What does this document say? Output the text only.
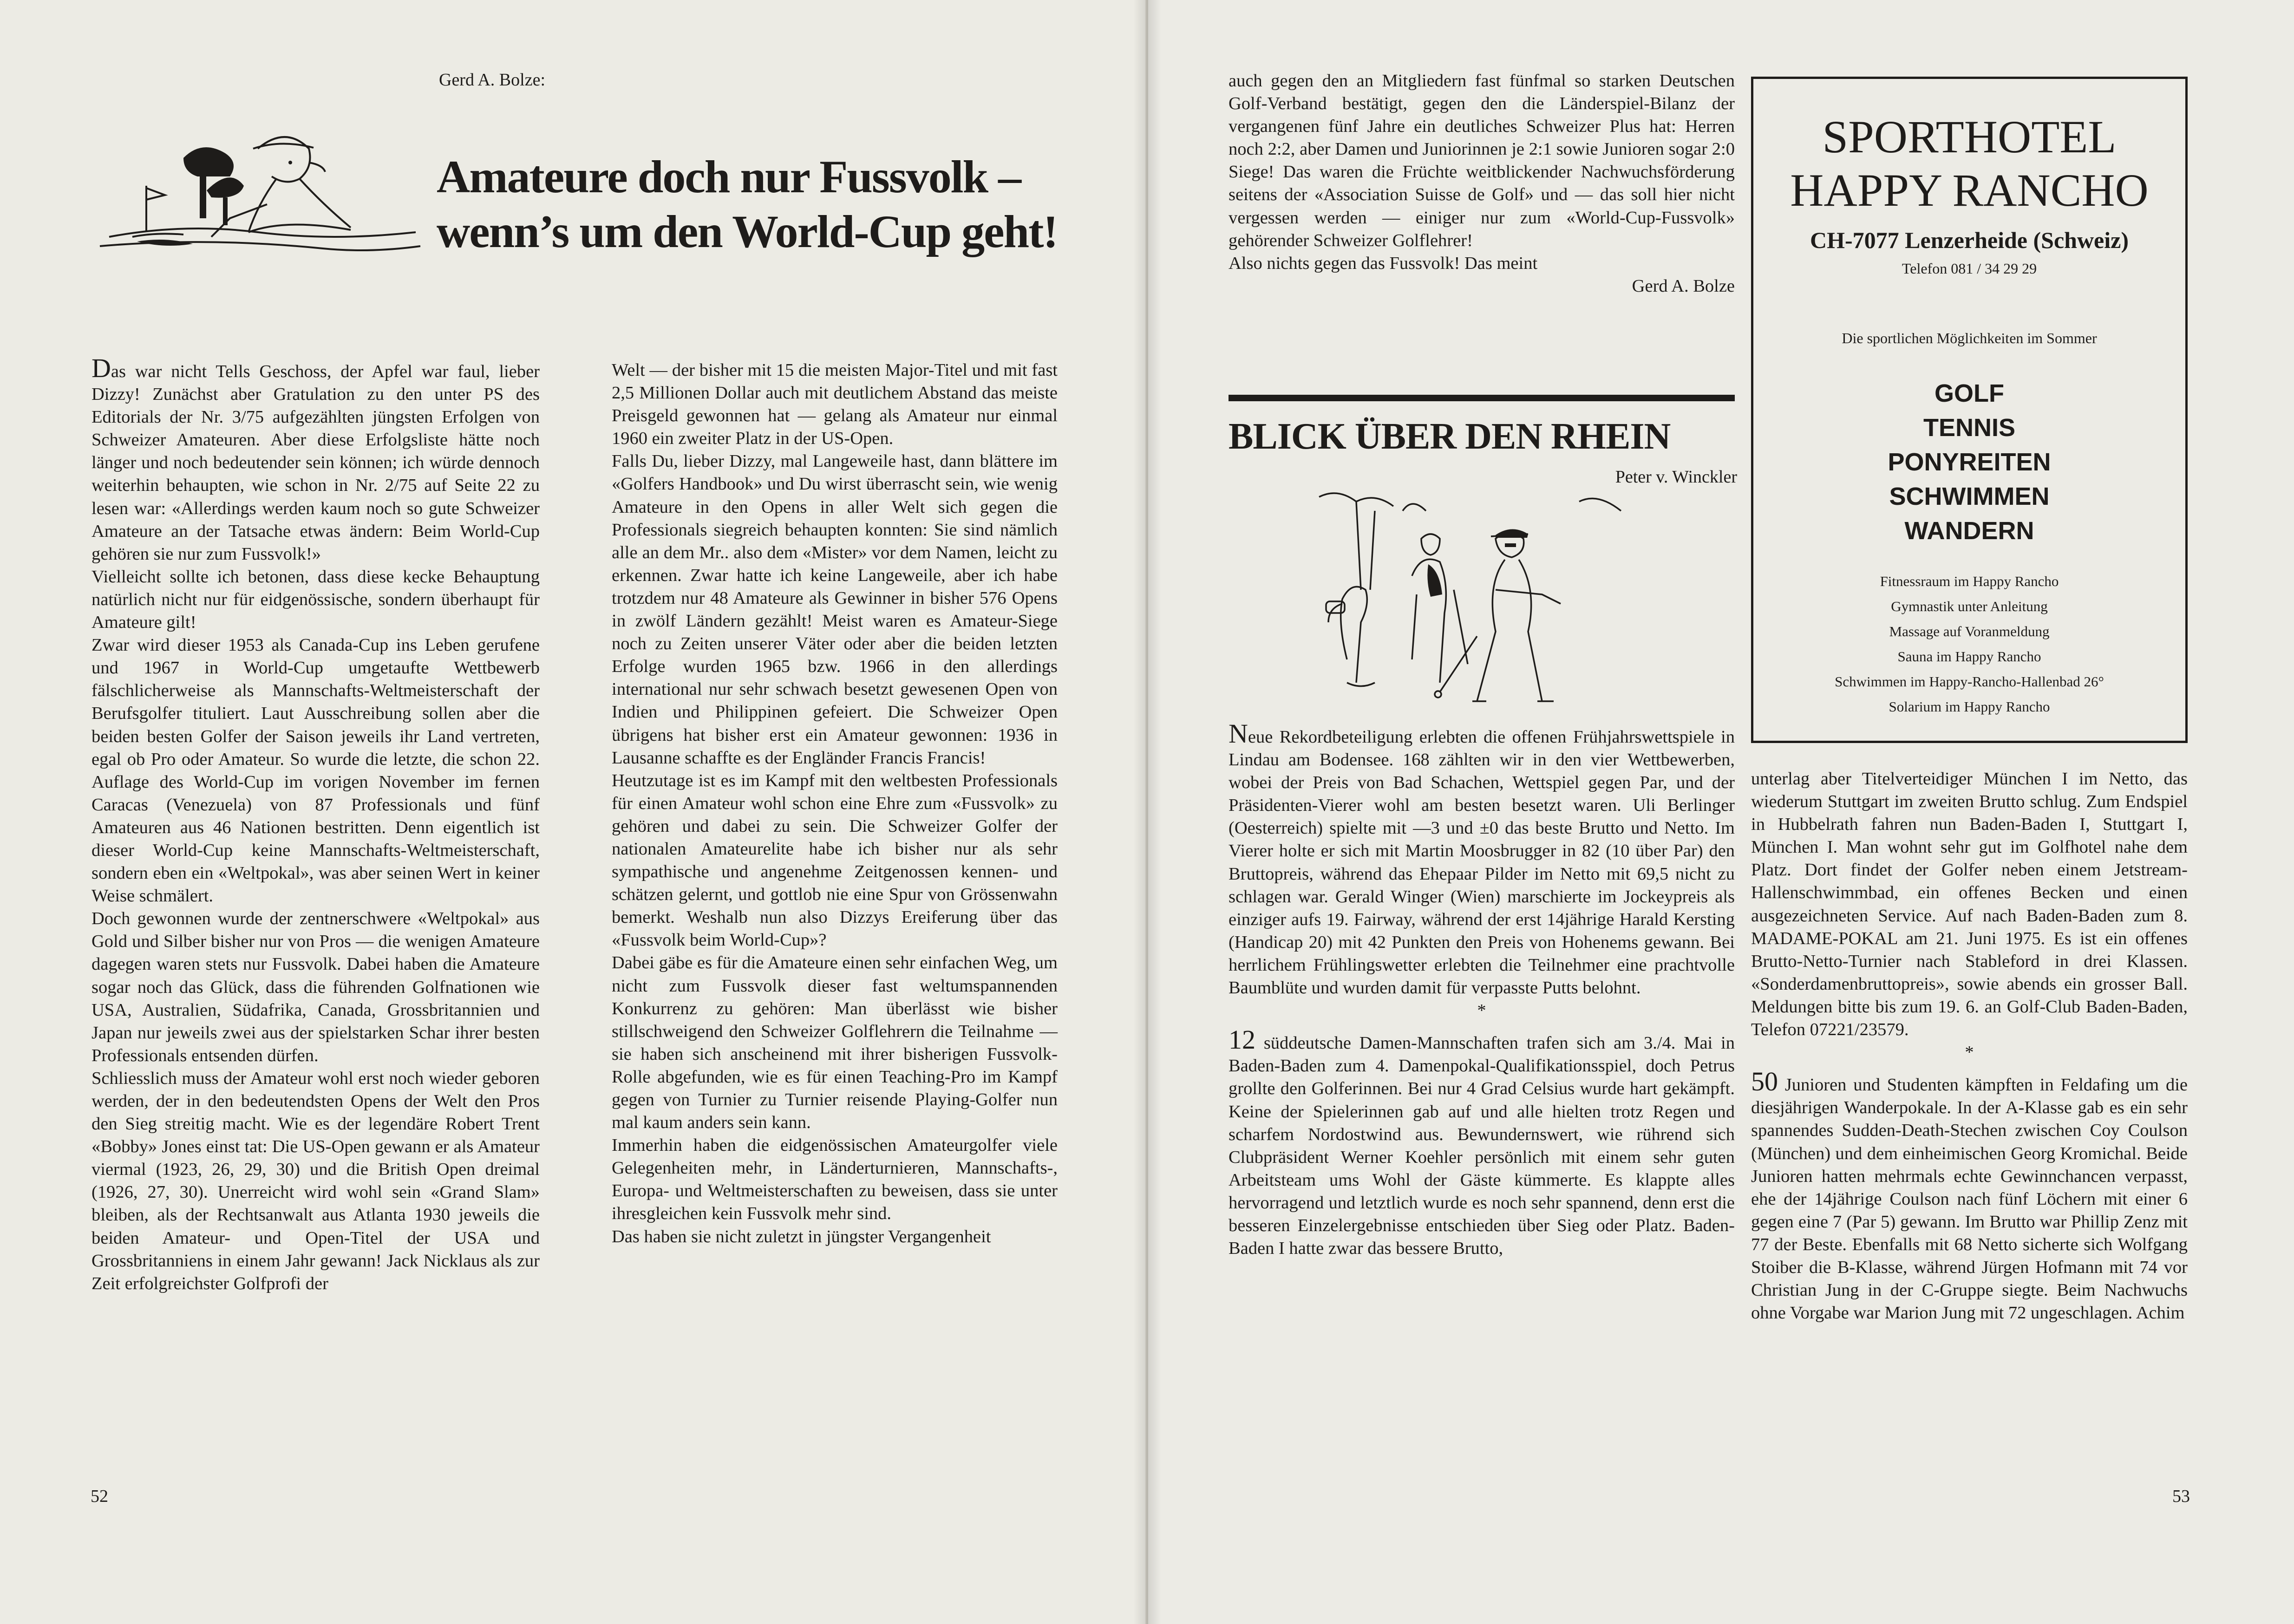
Gerd A. Bolze:
Amateure doch nur Fussvolk –
wenn’s um den World-Cup geht!

Das war nicht Tells Geschoss, der Apfel war faul, lieber Dizzy! Zunächst aber Gratulation zu den unter PS des Editorials der Nr. 3/75 aufgezählten jüngsten Erfolgen von Schweizer Amateuren. Aber diese Erfolgsliste hätte noch länger und noch bedeutender sein können; ich würde dennoch weiterhin behaupten, wie schon in Nr. 2/75 auf Seite 22 zu lesen war: «Allerdings werden kaum noch so gute Schweizer Amateure an der Tatsache etwas ändern: Beim World-Cup gehören sie nur zum Fussvolk!»

Vielleicht sollte ich betonen, dass diese kecke Behauptung natürlich nicht nur für eidgenössische, sondern überhaupt für Amateure gilt!

Zwar wird dieser 1953 als Canada-Cup ins Leben gerufene und 1967 in World-Cup umgetaufte Wettbewerb fälschlicherweise als Mannschafts-Weltmeisterschaft der Berufsgolfer tituliert. Laut Ausschreibung sollen aber die beiden besten Golfer der Saison jeweils ihr Land vertreten, egal ob Pro oder Amateur. So wurde die letzte, die schon 22. Auflage des World-Cup im vorigen November im fernen Caracas (Venezuela) von 87 Professionals und fünf Amateuren aus 46 Nationen bestritten. Denn eigentlich ist dieser World-Cup keine Mannschafts-Weltmeisterschaft, sondern eben ein «Weltpokal», was aber seinen Wert in keiner Weise schmälert.

Doch gewonnen wurde der zentnerschwere «Weltpokal» aus Gold und Silber bisher nur von Pros — die wenigen Amateure dagegen waren stets nur Fussvolk. Dabei haben die Amateure sogar noch das Glück, dass die führenden Golfnationen wie USA, Australien, Südafrika, Canada, Grossbritannien und Japan nur jeweils zwei aus der spielstarken Schar ihrer besten Professionals entsenden dürfen.

Schliesslich muss der Amateur wohl erst noch wieder geboren werden, der in den bedeutendsten Opens der Welt den Pros den Sieg streitig macht. Wie es der legendäre Robert Trent «Bobby» Jones einst tat: Die US-Open gewann er als Amateur viermal (1923, 26, 29, 30) und die British Open dreimal (1926, 27, 30). Unerreicht wird wohl sein «Grand Slam» bleiben, als der Rechtsanwalt aus Atlanta 1930 jeweils die beiden Amateur- und Open-Titel der USA und Grossbritanniens in einem Jahr gewann! Jack Nicklaus als zur Zeit erfolgreichster Golfprofi der

Welt — der bisher mit 15 die meisten Major-Titel und mit fast 2,5 Millionen Dollar auch mit deutlichem Abstand das meiste Preisgeld gewonnen hat — gelang als Amateur nur einmal 1960 ein zweiter Platz in der US-Open.

Falls Du, lieber Dizzy, mal Langeweile hast, dann blättere im «Golfers Handbook» und Du wirst überrascht sein, wie wenig Amateure in den Opens in aller Welt sich gegen die Professionals siegreich behaupten konnten: Sie sind nämlich alle an dem Mr.. also dem «Mister» vor dem Namen, leicht zu erkennen. Zwar hatte ich keine Langeweile, aber ich habe trotzdem nur 48 Amateure als Gewinner in bisher 576 Opens in zwölf Ländern gezählt! Meist waren es Amateur-Siege noch zu Zeiten unserer Väter oder aber die beiden letzten Erfolge wurden 1965 bzw. 1966 in den allerdings international nur sehr schwach besetzt gewesenen Open von Indien und Philippinen gefeiert. Die Schweizer Open übrigens hat bisher erst ein Amateur gewonnen: 1936 in Lausanne schaffte es der Engländer Francis Francis!

Heutzutage ist es im Kampf mit den weltbesten Professionals für einen Amateur wohl schon eine Ehre zum «Fussvolk» zu gehören und dabei zu sein. Die Schweizer Golfer der nationalen Amateurelite habe ich bisher nur als sehr sympathische und angenehme Zeitgenossen kennen- und schätzen gelernt, und gottlob nie eine Spur von Grössenwahn bemerkt. Weshalb nun also Dizzys Ereiferung über das «Fussvolk beim World-Cup»?

Dabei gäbe es für die Amateure einen sehr einfachen Weg, um nicht zum Fussvolk dieser fast weltumspannenden Konkurrenz zu gehören: Man überlässt wie bisher stillschweigend den Schweizer Golflehrern die Teilnahme — sie haben sich anscheinend mit ihrer bisherigen Fussvolk-Rolle abgefunden, wie es für einen Teaching-Pro im Kampf gegen von Turnier zu Turnier reisende Playing-Golfer nun mal kaum anders sein kann.

Immerhin haben die eidgenössischen Amateurgolfer viele Gelegenheiten mehr, in Länderturnieren, Mannschafts-, Europa- und Weltmeisterschaften zu beweisen, dass sie unter ihresgleichen kein Fussvolk mehr sind.

Das haben sie nicht zuletzt in jüngster Vergangenheit

52

auch gegen den an Mitgliedern fast fünfmal so starken Deutschen Golf-Verband bestätigt, gegen den die Länderspiel-Bilanz der vergangenen fünf Jahre ein deutliches Schweizer Plus hat: Herren noch 2:2, aber Damen und Juniorinnen je 2:1 sowie Junioren sogar 2:0 Siege! Das waren die Früchte weitblickender Nachwuchsförderung seitens der «Association Suisse de Golf» und — das soll hier nicht vergessen werden — einiger nur zum «World-Cup-Fussvolk» gehörender Schweizer Golflehrer!

Also nichts gegen das Fussvolk! Das meint

Gerd A. Bolze

Neue Rekordbeteiligung erlebten die offenen Frühjahrswettspiele in Lindau am Bodensee. 168 zählten wir in den vier Wettbewerben, wobei der Preis von Bad Schachen, Wettspiel gegen Par, und der Präsidenten-Vierer wohl am besten besetzt waren. Uli Berlinger (Oesterreich) spielte mit —3 und ±0 das beste Brutto und Netto. Im Vierer holte er sich mit Martin Moosbrugger in 82 (10 über Par) den Bruttopreis, während das Ehepaar Pilder im Netto mit 69,5 nicht zu schlagen war. Gerald Winger (Wien) marschierte im Jockeypreis als einziger aufs 19. Fairway, während der erst 14jährige Harald Kersting (Handicap 20) mit 42 Punkten den Preis von Hohenems gewann. Bei herrlichem Frühlingswetter erlebten die Teilnehmer eine prachtvolle Baumblüte und wurden damit für verpasste Putts belohnt.

*

12 süddeutsche Damen-Mannschaften trafen sich am 3./4. Mai in Baden-Baden zum 4. Damenpokal-Qualifikationsspiel, doch Petrus grollte den Golferinnen. Bei nur 4 Grad Celsius wurde hart gekämpft. Keine der Spielerinnen gab auf und alle hielten trotz Regen und scharfem Nordostwind aus. Bewundernswert, wie rührend sich Clubpräsident Werner Koehler persönlich mit einem sehr guten Arbeitsteam ums Wohl der Gäste kümmerte. Es klappte alles hervorragend und letztlich wurde es noch sehr spannend, denn erst die besseren Einzelergebnisse entschieden über Sieg oder Platz. Baden-Baden I hatte zwar das bessere Brutto,

unterlag aber Titelverteidiger München I im Netto, das wiederum Stuttgart im zweiten Brutto schlug. Zum Endspiel in Hubbelrath fahren nun Baden-Baden I, Stuttgart I, München I. Man wohnt sehr gut im Golfhotel nahe dem Platz. Dort findet der Golfer neben einem Jetstream-Hallenschwimmbad, ein offenes Becken und einen ausgezeichneten Service. Auf nach Baden-Baden zum 8. MADAME-POKAL am 21. Juni 1975. Es ist ein offenes Brutto-Netto-Turnier nach Stableford in drei Klassen. «Sonderdamenbruttopreis», sowie abends ein grosser Ball. Meldungen bitte bis zum 19. 6. an Golf-Club Baden-Baden, Telefon 07221/23579.

*

50 Junioren und Studenten kämpften in Feldafing um die diesjährigen Wanderpokale. In der A-Klasse gab es ein sehr spannendes Sudden-Death-Stechen zwischen Coy Coulson (München) und dem einheimischen Georg Kromichal. Beide Junioren hatten mehrmals echte Gewinnchancen verpasst, ehe der 14jährige Coulson nach fünf Löchern mit einer 6 gegen eine 7 (Par 5) gewann. Im Brutto war Phillip Zenz mit 77 der Beste. Ebenfalls mit 68 Netto sicherte sich Wolfgang Stoiber die B-Klasse, während Jürgen Hofmann mit 74 vor Christian Jung in der C-Gruppe siegte. Beim Nachwuchs ohne Vorgabe war Marion Jung mit 72 ungeschlagen. Achim

53
BLICK ÜBER DEN RHEIN
Peter v. Winckler
SPORTHOTEL
HAPPY RANCHO
CH-7077 Lenzerheide (Schweiz)
Telefon 081 / 34 29 29
Die sportlichen Möglichkeiten im Sommer
GOLF
TENNIS
PONYREITEN
SCHWIMMEN
WANDERN
Fitnessraum im Happy Rancho
Gymnastik unter Anleitung
Massage auf Voranmeldung
Sauna im Happy Rancho
Schwimmen im Happy-Rancho-Hallenbad 26°
Solarium im Happy Rancho
